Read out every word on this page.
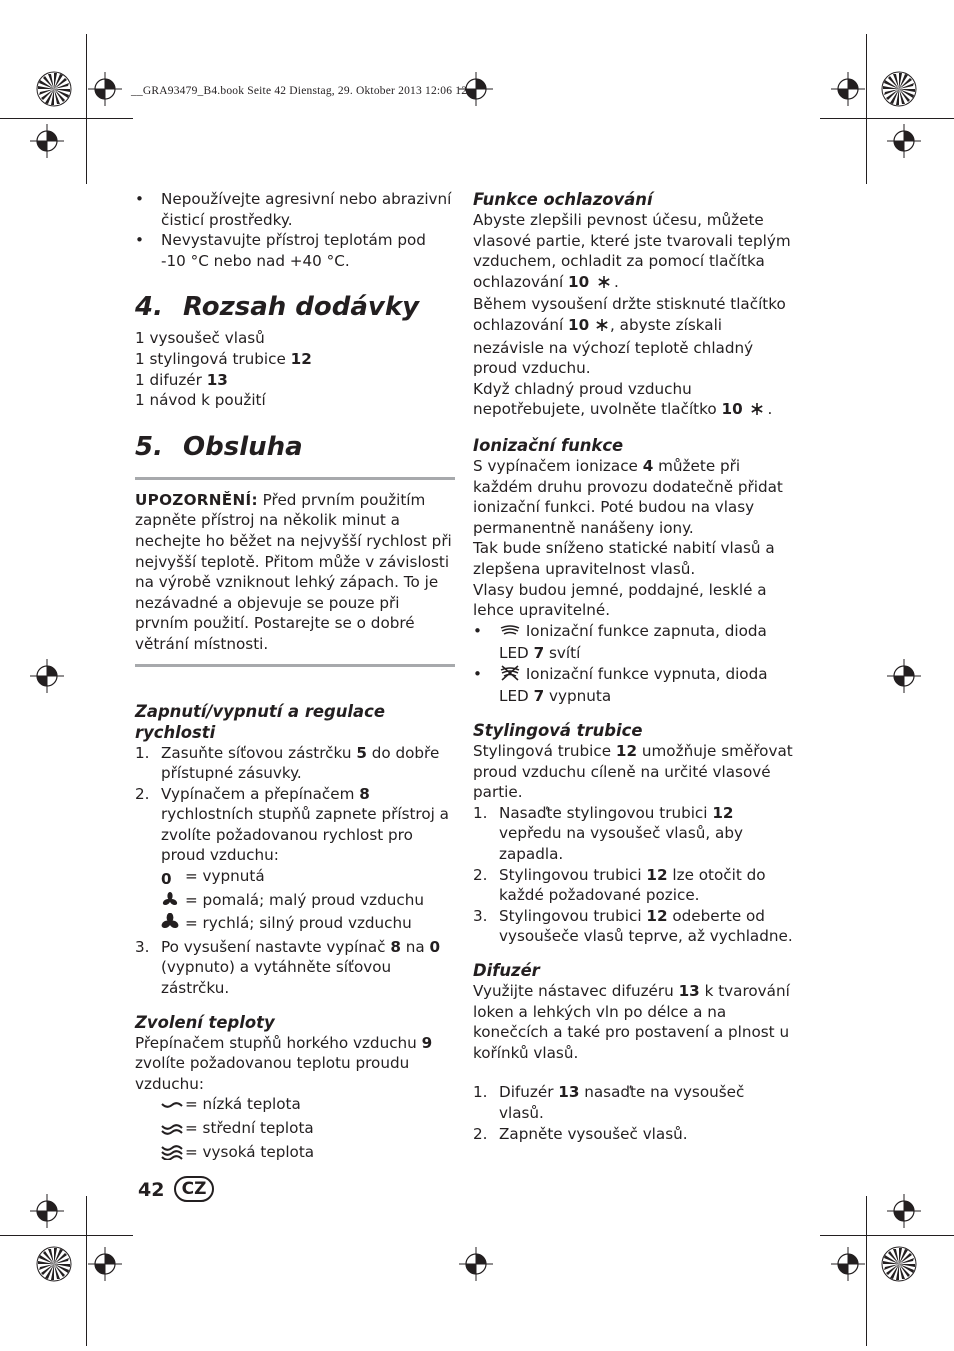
__GRA93479_B4.book Seite 42 Dienstag, 29. Oktober 2013 12:06 12
•	Nepoužívejte agresivní nebo abrazivní čisticí prostředky.
•	Nevystavujte přístroj teplotám pod -10 °C nebo nad +40 °C.
4. Rozsah dodávky

1 vysoušeč vlasů

1 stylingová trubice 12

1 difuzér 13

1 návod k použití

5. Obsluha

UPOZORNĚNÍ: Před prvním použitím zapněte přístroj na několik minut a nechejte ho běžet na nejvyšší rychlost při nejvyšší teplotě. Přitom může v závislosti na výrobě vzniknout lehký zápach. To je nezávadné a objevuje se pouze při prvním použití. Postarejte se o dobré větrání místnosti.

Zapnutí/vypnutí a regulace rychlosti
1. Zasuňte síťovou zástrčku 5 do dobře přístupné zásuvky.
2. Vypínačem a přepínačem 8 rychlostních stupňů zapnete přístroj a zvolíte požadovanou rychlost pro proud vzduchu:

0 = vypnutá

= pomalá; malý proud vzduchu

= rychlá; silný proud vzduchu

3. Po vysušení nastavte vypínač 8 na 0 (vypnuto) a vytáhněte síťovou zástrčku.
Zvolení teploty

Přepínačem stupňů horkého vzduchu 9 zvolíte požadovanou teplotu proudu vzduchu:

= nízká teplota

= střední teplota

= vysoká teplota

Funkce ochlazování

Abyste zlepšili pevnost účesu, můžete vlasové partie, které jste tvarovali teplým vzduchem, ochladit za pomocí tlačítka ochlazování 10 .

Během vysoušení držte stisknuté tlačítko ochlazování 10 , abyste získali nezávisle na výchozí teplotě chladný proud vzduchu.

Když chladný proud vzduchu nepotřebujete, uvolněte tlačítko 10 .

Ionizační funkce

S vypínačem ionizace 4 můžete při každém druhu provozu dodatečně přidat ionizační funkci. Poté budou na vlasy permanentně nanášeny iony.

Tak bude sníženo statické nabití vlasů a zlepšena upravitelnost vlasů.

Vlasy budou jemné, poddajné, lesklé a lehce upravitelné.

•	Ionizační funkce zapnuta, dioda LED 7 svítí
•	Ionizační funkce vypnuta, dioda LED 7 vypnuta
Stylingová trubice

Stylingová trubice 12 umožňuje směřovat proud vzduchu cíleně na určité vlasové partie.

1. Nasaďte stylingovou trubici 12 vepředu na vysoušeč vlasů, aby zapadla.
2. Stylingovou trubici 12 lze otočit do každé požadované pozice.
3. Stylingovou trubici 12 odeberte od vysoušeče vlasů teprve, až vychladne.
Difuzér

Využijte nástavec difuzéru 13 k tvarování loken a lehkých vln po délce a na konečcích a také pro postavení a plnost u kořínků vlasů.

1. Difuzér 13 nasaďte na vysoušeč vlasů.
2. Zapněte vysoušeč vlasů.
42	CZ
